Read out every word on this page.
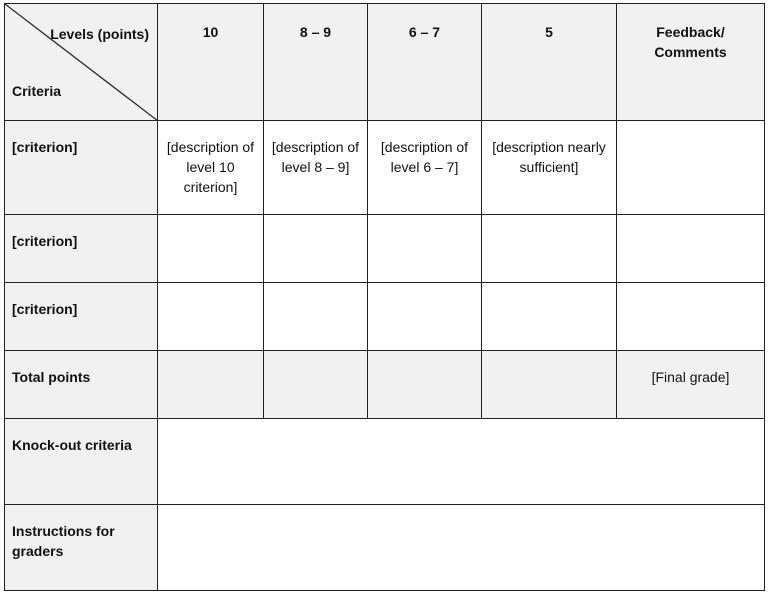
Levels (points)
Criteria	10	8 – 9	6 – 7	5	Feedback/ Comments

[criterion]	[description of level 10 criterion]	[description of level 8 – 9]	[description of level 6 – 7]	[description nearly sufficient]	

[criterion]					
[criterion]					
Total points					[Final grade]
Knock-out criteria					

Instructions for graders					
